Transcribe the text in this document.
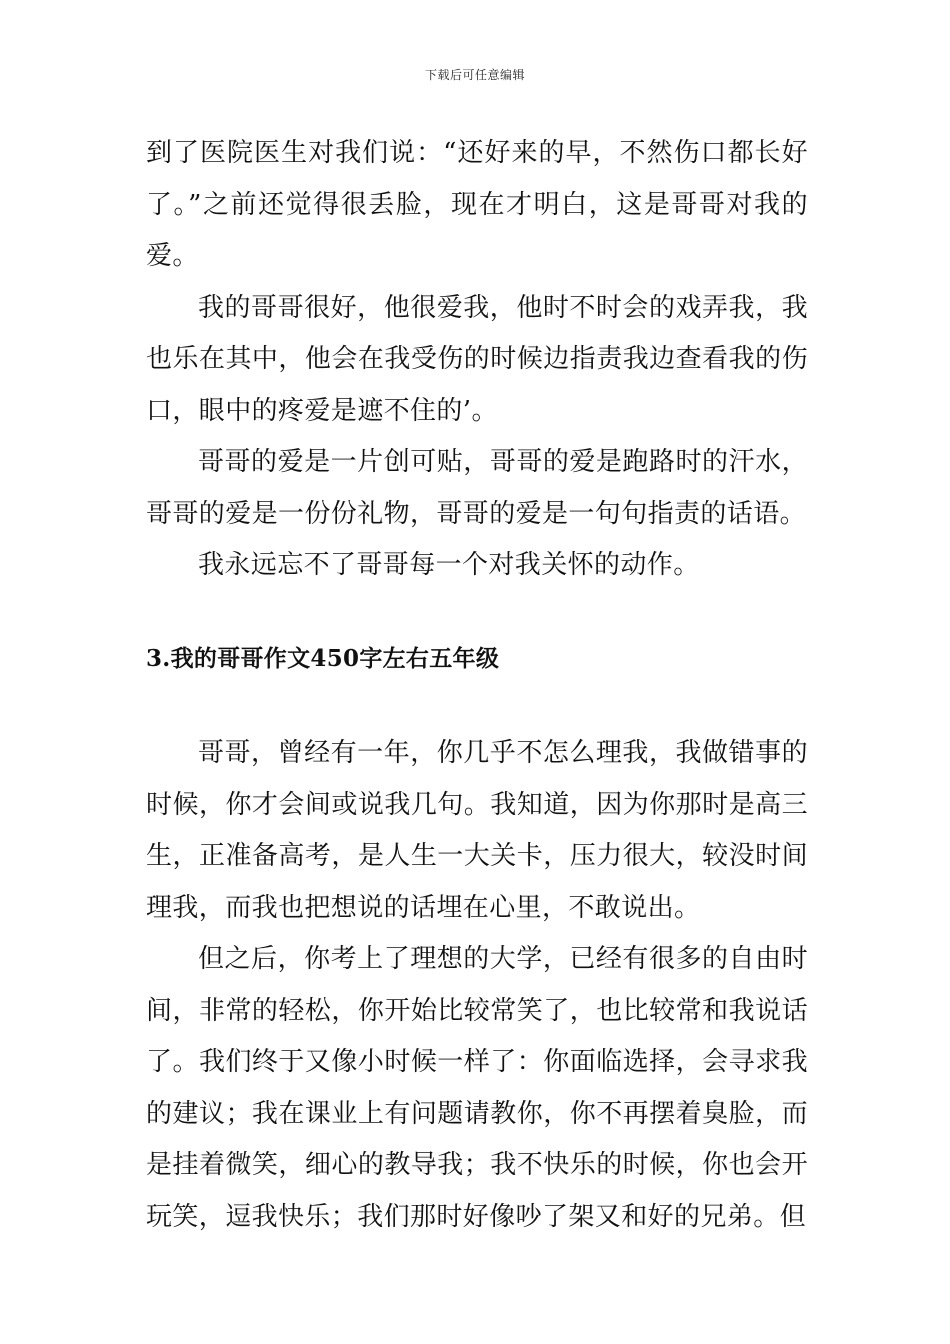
下载后可任意编辑

到了医院医生对我们说：“还好来的早，不然伤口都长好了。”之前还觉得很丢脸，现在才明白，这是哥哥对我的爱。

我的哥哥很好，他很爱我，他时不时会的戏弄我，我也乐在其中，他会在我受伤的时候边指责我边查看我的伤口，眼中的疼爱是遮不住的’。

哥哥的爱是一片创可贴，哥哥的爱是跑路时的汗水，哥哥的爱是一份份礼物，哥哥的爱是一句句指责的话语。

我永远忘不了哥哥每一个对我关怀的动作。

3.我的哥哥作文450字左右五年级

哥哥，曾经有一年，你几乎不怎么理我，我做错事的时候，你才会间或说我几句。我知道，因为你那时是高三生，正准备高考，是人生一大关卡，压力很大，较没时间理我，而我也把想说的话埋在心里，不敢说出。

但之后，你考上了理想的大学，已经有很多的自由时间，非常的轻松，你开始比较常笑了，也比较常和我说话了。我们终于又像小时候一样了：你面临选择，会寻求我的建议；我在课业上有问题请教你，你不再摆着臭脸，而是挂着微笑，细心的教导我；我不快乐的时候，你也会开玩笑，逗我快乐；我们那时好像吵了架又和好的兄弟。但
